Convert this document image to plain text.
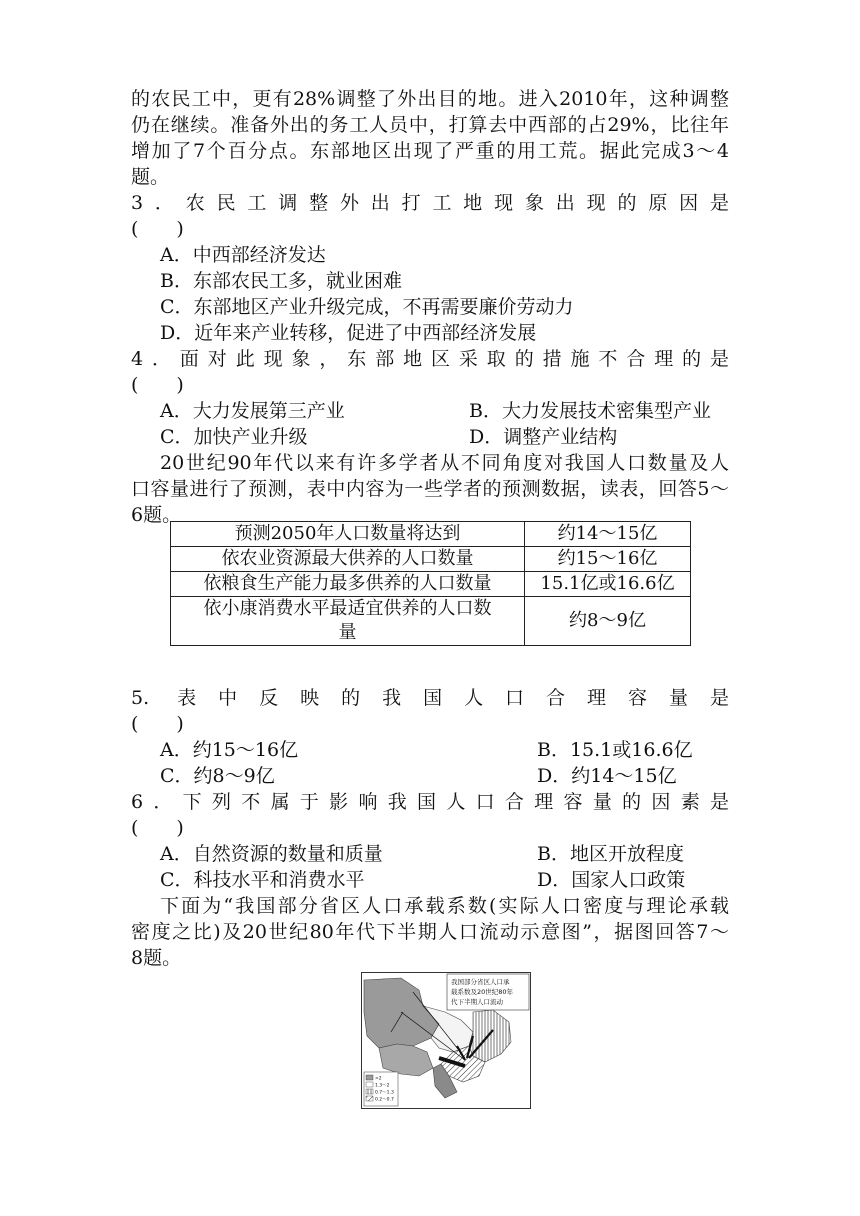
的农民工中，更有28%调整了外出目的地。进入2010年，这种调整
仍在继续。准备外出的务工人员中，打算去中西部的占29%，比往年
增加了7个百分点。东部地区出现了严重的用工荒。据此完成3～4
题。
3．农民工调整外出打工地现象出现的原因是
(　　)
A．中西部经济发达
B．东部农民工多，就业困难
C．东部地区产业升级完成，不再需要廉价劳动力
D．近年来产业转移，促进了中西部经济发展
4．面对此现象，东部地区采取的措施不合理的是
(　　)
A．大力发展第三产业	B．大力发展技术密集型产业
C．加快产业升级	D．调整产业结构
20世纪90年代以来有许多学者从不同角度对我国人口数量及人
口容量进行了预测，表中内容为一些学者的预测数据，读表，回答5～
6题。
预测2050年人口数量将达到	约14～15亿
依农业资源最大供养的人口数量	约15～16亿
依粮食生产能力最多供养的人口数量	15.1亿或16.6亿

依小康消费水平最适宜供养的人口数
量	约8～9亿
5. 表中反映的我国人口合理容量是
(　　)
A．约15～16亿	B．15.1或16.6亿
C．约8～9亿	D．约14～15亿
6．下列不属于影响我国人口合理容量的因素是
(　　)
A．自然资源的数量和质量	B．地区开放程度
C．科技水平和消费水平	D．国家人口政策
下面为“我国部分省区人口承载系数(实际人口密度与理论承载
密度之比)及20世纪80年代下半期人口流动示意图”，据图回答7～
8题。
我国部分省区人口承
载系数及20世纪80年
代下半期人口流动
>2
1.3～2
0.7～1.3
0.2～0.7
